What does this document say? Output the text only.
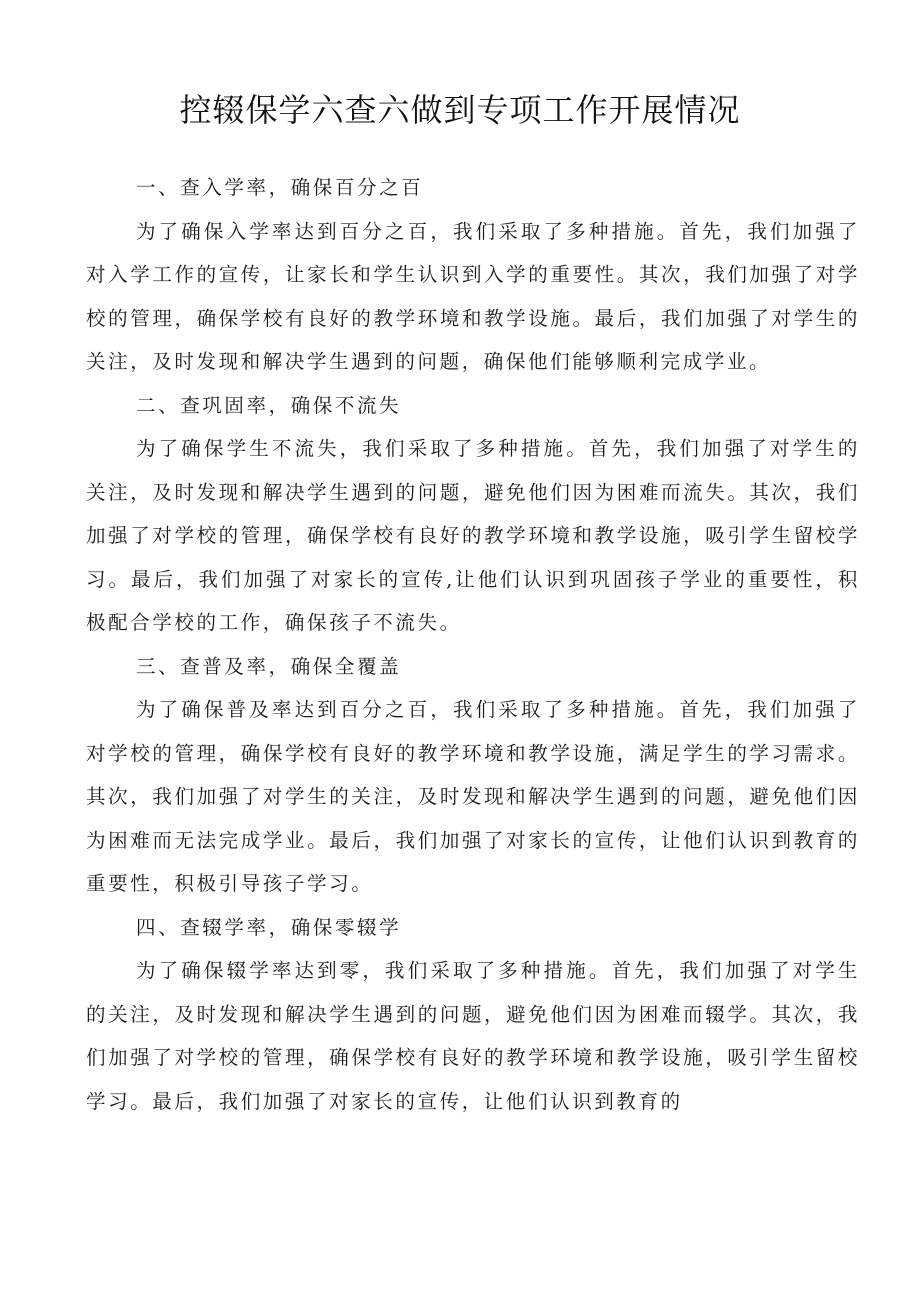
控辍保学六查六做到专项工作开展情况

一、查入学率，确保百分之百

为了确保入学率达到百分之百，我们采取了多种措施。首先，我们加强了对入学工作的宣传，让家长和学生认识到入学的重要性。其次，我们加强了对学校的管理，确保学校有良好的教学环境和教学设施。最后，我们加强了对学生的关注，及时发现和解决学生遇到的问题，确保他们能够顺利完成学业。

二、查巩固率，确保不流失

为了确保学生不流失，我们采取了多种措施。首先，我们加强了对学生的关注，及时发现和解决学生遇到的问题，避免他们因为困难而流失。其次，我们加强了对学校的管理，确保学校有良好的教学环境和教学设施，吸引学生留校学习。最后，我们加强了对家长的宣传,让他们认识到巩固孩子学业的重要性，积极配合学校的工作，确保孩子不流失。

三、查普及率，确保全覆盖

为了确保普及率达到百分之百，我们采取了多种措施。首先，我们加强了对学校的管理，确保学校有良好的教学环境和教学设施，满足学生的学习需求。其次，我们加强了对学生的关注，及时发现和解决学生遇到的问题，避免他们因为困难而无法完成学业。最后，我们加强了对家长的宣传，让他们认识到教育的重要性，积极引导孩子学习。

四、查辍学率，确保零辍学

为了确保辍学率达到零，我们采取了多种措施。首先，我们加强了对学生的关注，及时发现和解决学生遇到的问题，避免他们因为困难而辍学。其次，我们加强了对学校的管理，确保学校有良好的教学环境和教学设施，吸引学生留校学习。最后，我们加强了对家长的宣传，让他们认识到教育的
